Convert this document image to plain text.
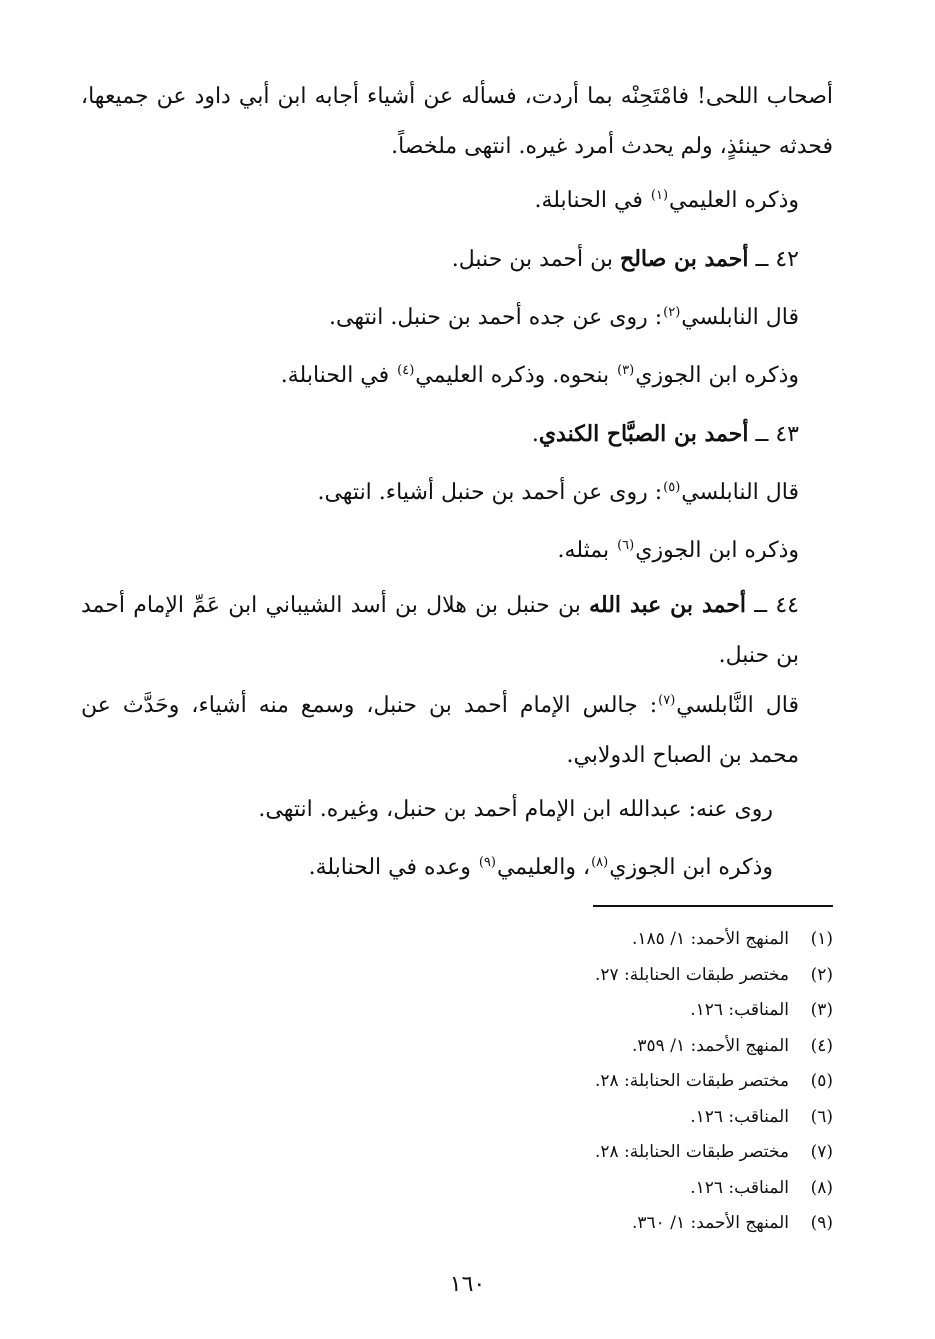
أصحاب اللحى! فامْتَحِنْه بما أردت، فسأله عن أشياء أجابه ابن أبي داود عن جميعها، فحدثه حينئذٍ، ولم يحدث أمرد غيره. انتهى ملخصاً.

وذكره العليمي$^{(١)}$ في الحنابلة.

٤٢ ــ أحمد بن صالح بن أحمد بن حنبل.

قال النابلسي$^{(٢)}$: روى عن جده أحمد بن حنبل. انتهى.

وذكره ابن الجوزي$^{(٣)}$ بنحوه. وذكره العليمي$^{(٤)}$ في الحنابلة.

٤٣ ــ أحمد بن الصبَّاح الكندي.

قال النابلسي$^{(٥)}$: روى عن أحمد بن حنبل أشياء. انتهى.

وذكره ابن الجوزي$^{(٦)}$ بمثله.

٤٤ ــ أحمد بن عبد الله بن حنبل بن هلال بن أسد الشيباني ابن عَمِّ الإمام أحمد بن حنبل.

قال النَّابلسي$^{(٧)}$: جالس الإمام أحمد بن حنبل، وسمع منه أشياء، وحَدَّث عن محمد بن الصباح الدولابي.

روى عنه: عبدالله ابن الإمام أحمد بن حنبل، وغيره. انتهى.

وذكره ابن الجوزي$^{(٨)}$، والعليمي$^{(٩)}$ وعده في الحنابلة.

(١)
المنهج الأحمد: ١/ ١٨٥.
(٢)
مختصر طبقات الحنابلة: ٢٧.
(٣)
المناقب: ١٢٦.
(٤)
المنهج الأحمد: ١/ ٣٥٩.
(٥)
مختصر طبقات الحنابلة: ٢٨.
(٦)
المناقب: ١٢٦.
(٧)
مختصر طبقات الحنابلة: ٢٨.
(٨)
المناقب: ١٢٦.
(٩)
المنهج الأحمد: ١/ ٣٦٠.
١٦٠
